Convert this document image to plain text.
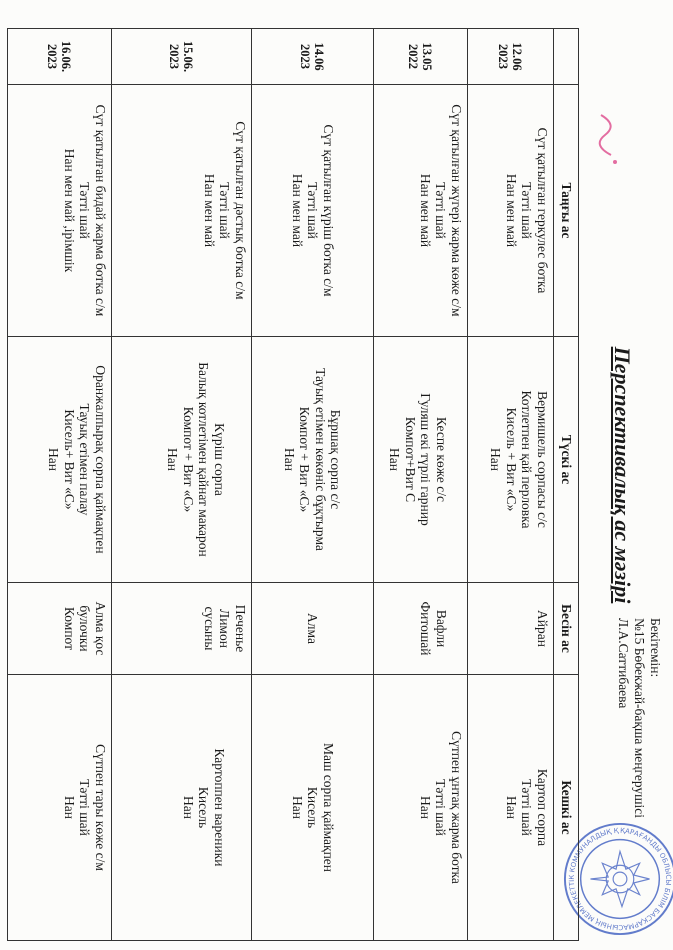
Перспективалық ас мәзірі
Бекітемін:
№15 Бөбекжай-бақша меңгерушісі
Л.А.Саттибаева
ҚАРАҒАНДЫ ОБЛЫСЫ БІЛІМ БАСҚАРМАСЫНЫҢ МЕМЛЕКЕТТІК КОММУНАЛДЫҚ Қ
	Таңғы ас	Түскі ас	Бесін ас	Кешкі ас

12.06
2023	Сүт қатылған геркулес ботка
Тәтті шай
Нан мен май	Вермишель сорпасы с/с
Котлетпен қай перловка
Кисель + Вит «С»
Нан	Айран	Картоп сорпа
Тәтті шай
Нан

13.05
2022	Сүт қатылған жүгері жарма көже с/м
Тәтті шай
Нан мен май	Кеспе көже с/с
Гуляш екі түрлі гарнир
Компот+Вит С
Нан	Вафли
Фитошай	Сүтпен ұнтақ жарма ботка
Тәтті шай
Нан

14.06
2023	Сүт қатылған күріш ботка с/м
Тәтті шай
Нан мен май	Бұршақ сорпа с/с
Тауық етімен көкөніс бұқтырма
Компот + Вит «С»
Нан	Алма	Маш сорпа қаймақпен
Кисель
Нан

15.06.
2023	Сүт қатылған дәстық ботка с/м
Тәтті шай
Нан мен май	Күріш сорпа
Балық котлетімен қайнат макарон
Компот + Вит «С»
Нан	Печенье
Лимон
сусыны	Картоппен вареники
Кисель
Нан

16.06.
2023	Сүт қатылған бидай жарма ботка с/м
Тәтті шай
Нан мен май ,ірімшік	Оранжалпырақ сорпа қаймақпен
Тауық етімен палау
Кисель+ Вит «С»
Нан	Алма қос
булочки
Компот	Сүтпен тары көже с/м
Тәтті шай
Нан
